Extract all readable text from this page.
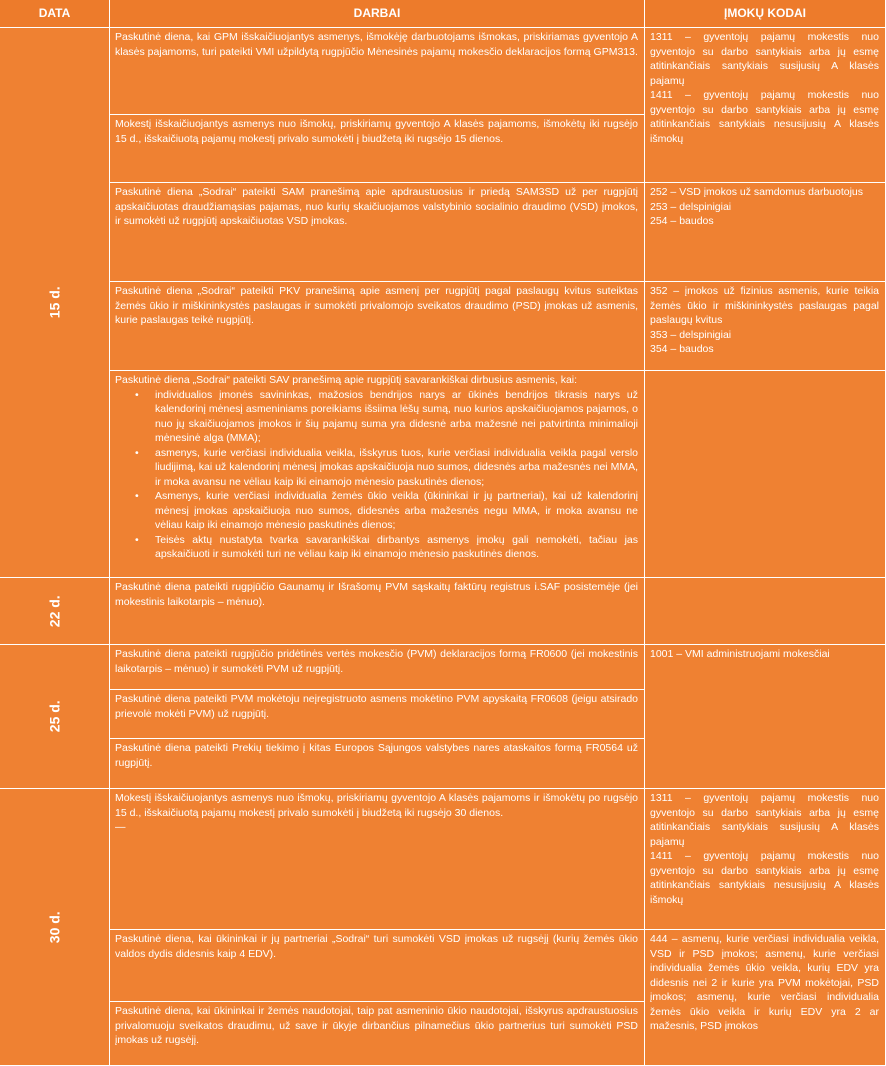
DATA	DARBAI	ĮMOKŲ KODAI
15 d.
22 d.
25 d.
30 d.

Paskutinė diena, kai GPM išskaičiuojantys asmenys, išmokėję darbuotojams išmokas, priskiriamas gyventojo A klasės pajamoms, turi pateikti VMI užpildytą rugpjūčio Mėnesinės pajamų mokesčio deklaracijos formą GPM313.

Mokestį išskaičiuojantys asmenys nuo išmokų, priskiriamų gyventojo A klasės pajamoms, išmokėtų iki rugsėjo 15 d., išskaičiuotą pajamų mokestį privalo sumokėti į biudžetą iki rugsėjo 15 dienos.

Paskutinė diena „Sodrai“ pateikti SAM pranešimą apie apdraustuosius ir priedą SAM3SD už per rugpjūtį apskaičiuotas draudžiamąsias pajamas, nuo kurių skaičiuojamos valstybinio socialinio draudimo (VSD) įmokos, ir sumokėti už rugpjūtį apskaičiuotas VSD įmokas.

Paskutinė diena „Sodrai“ pateikti PKV pranešimą apie asmenį per rugpjūtį pagal paslaugų kvitus suteiktas žemės ūkio ir miškininkystės paslaugas ir sumokėti privalomojo sveikatos draudimo (PSD) įmokas už asmenis, kurie paslaugas teikė rugpjūtį.

Paskutinė diena „Sodrai“ pateikti SAV pranešimą apie rugpjūtį savarankiškai dirbusius asmenis, kai:

• individualios įmonės savininkas, mažosios bendrijos narys ar ūkinės bendrijos tikrasis narys už kalendorinį mėnesį asmeniniams poreikiams išsiima lėšų sumą, nuo kurios apskaičiuojamos pajamos, o nuo jų skaičiuojamos įmokos ir šių pajamų suma yra didesnė arba mažesnė nei patvirtinta minimalioji mėnesinė alga (MMA);
• asmenys, kurie verčiasi individualia veikla, išskyrus tuos, kurie verčiasi individualia veikla pagal verslo liudijimą, kai už kalendorinį mėnesį įmokas apskaičiuoja nuo sumos, didesnės arba mažesnės nei MMA, ir moka avansu ne vėliau kaip iki einamojo mėnesio paskutinės dienos;
• Asmenys, kurie verčiasi individualia žemės ūkio veikla (ūkininkai ir jų partneriai), kai už kalendorinį mėnesį įmokas apskaičiuoja nuo sumos, didesnės arba mažesnės negu MMA, ir moka avansu ne vėliau kaip iki einamojo mėnesio paskutinės dienos;
• Teisės aktų nustatyta tvarka savarankiškai dirbantys asmenys įmokų gali nemokėti, tačiau jas apskaičiuoti ir sumokėti turi ne vėliau kaip iki einamojo mėnesio paskutinės dienos.

Paskutinė diena pateikti rugpjūčio Gaunamų ir Išrašomų PVM sąskaitų faktūrų registrus i.SAF posistemėje (jei mokestinis laikotarpis – mėnuo).

Paskutinė diena pateikti rugpjūčio pridėtinės vertės mokesčio (PVM) deklaracijos formą FR0600 (jei mokestinis laikotarpis – mėnuo) ir sumokėti PVM už rugpjūtį.

Paskutinė diena pateikti PVM mokėtoju neįregistruoto asmens mokėtino PVM apyskaitą FR0608 (jeigu atsirado prievolė mokėti PVM) už rugpjūtį.

Paskutinė diena pateikti Prekių tiekimo į kitas Europos Sąjungos valstybes nares ataskaitos formą FR0564 už rugpjūtį.

Mokestį išskaičiuojantys asmenys nuo išmokų, priskiriamų gyventojo A klasės pajamoms ir išmokėtų po rugsėjo 15 d., išskaičiuotą pajamų mokestį privalo sumokėti į biudžetą iki rugsėjo 30 dienos.

—

Paskutinė diena, kai ūkininkai ir jų partneriai „Sodrai“ turi sumokėti VSD įmokas už rugsėjį (kurių žemės ūkio valdos dydis didesnis kaip 4 EDV).

Paskutinė diena, kai ūkininkai ir žemės naudotojai, taip pat asmeninio ūkio naudotojai, išskyrus apdraustuosius privalomuoju sveikatos draudimu, už save ir ūkyje dirbančius pilnamečius ūkio partnerius turi sumokėti PSD įmokas už rugsėjį.

1311 – gyventojų pajamų mokestis nuo gyventojo su darbo santykiais arba jų esmę atitinkančiais santykiais susijusių A klasės pajamų

1411 – gyventojų pajamų mokestis nuo gyventojo su darbo santykiais arba jų esmę atitinkančiais santykiais nesusijusių A klasės išmokų

252 – VSD įmokos už samdomus darbuotojus

253 – delspinigiai

254 – baudos

352 – įmokos už fizinius asmenis, kurie teikia žemės ūkio ir miškininkystės paslaugas pagal paslaugų kvitus

353 – delspinigiai

354 – baudos

1001 – VMI administruojami mokesčiai

1311 – gyventojų pajamų mokestis nuo gyventojo su darbo santykiais arba jų esmę atitinkančiais santykiais susijusių A klasės pajamų

1411 – gyventojų pajamų mokestis nuo gyventojo su darbo santykiais arba jų esmę atitinkančiais santykiais nesusijusių A klasės išmokų

444 – asmenų, kurie verčiasi individualia veikla, VSD ir PSD įmokos; asmenų, kurie verčiasi individualia žemės ūkio veikla, kurių EDV yra didesnis nei 2 ir kurie yra PVM mokėtojai, PSD įmokos; asmenų, kurie verčiasi individualia žemės ūkio veikla ir kurių EDV yra 2 ar mažesnis, PSD įmokos
